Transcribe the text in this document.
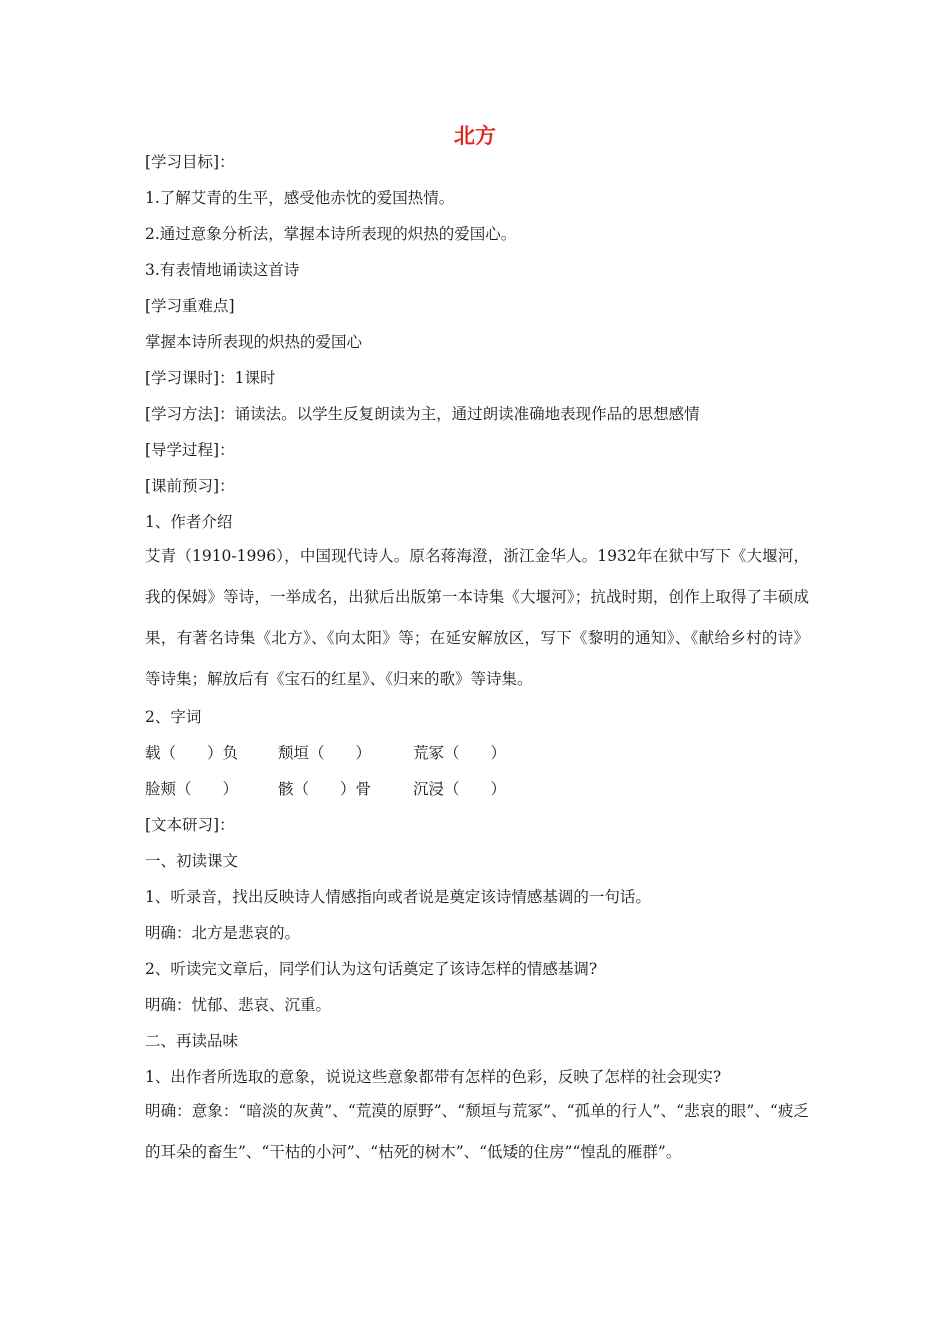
北方
[学习目标]：
1.了解艾青的生平，感受他赤忱的爱国热情。
2.通过意象分析法，掌握本诗所表现的炽热的爱国心。
3.有表情地诵读这首诗
[学习重难点]
掌握本诗所表现的炽热的爱国心
[学习课时]：1课时
[学习方法]：诵读法。以学生反复朗读为主，通过朗读准确地表现作品的思想感情
[导学过程]：
[课前预习]：
1、作者介绍
艾青（1910-1996），中国现代诗人。原名蒋海澄，浙江金华人。1932年在狱中写下《大堰河，我的保姆》等诗，一举成名，出狱后出版第一本诗集《大堰河》；抗战时期，创作上取得了丰硕成果，有著名诗集《北方》、《向太阳》等；在延安解放区，写下《黎明的通知》、《献给乡村的诗》等诗集；解放后有《宝石的红星》、《归来的歌》等诗集。
2、字词
载（　　）负	颓垣（　　）	荒冢（　　）
脸颊（　　）	骸（　　）骨	沉浸（　　）
[文本研习]：
一、初读课文
1、听录音，找出反映诗人情感指向或者说是奠定该诗情感基调的一句话。
明确：北方是悲哀的。
2、听读完文章后，同学们认为这句话奠定了该诗怎样的情感基调?
明确：忧郁、悲哀、沉重。
二、再读品味
1、出作者所选取的意象，说说这些意象都带有怎样的色彩，反映了怎样的社会现实?
明确：意象：“暗淡的灰黄”、“荒漠的原野”、“颓垣与荒冢”、“孤单的行人”、“悲哀的眼”、“疲乏的耳朵的畜生”、“干枯的小河”、“枯死的树木”、“低矮的住房”“惶乱的雁群”。
